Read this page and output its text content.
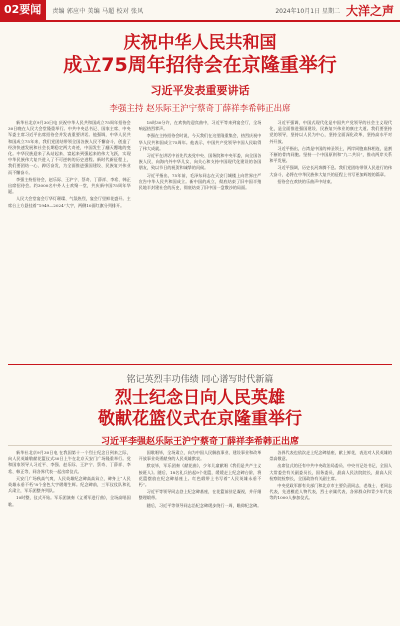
02要闻	责编 郭应中 美编 马超 校对 张风	2024年10月1日 星期二 大洋之声
庆祝中华人民共和国
成立75周年招待会在京隆重举行
习近平发表重要讲话
李强主持 赵乐际王沪宁蔡奇丁薛祥李希韩正出席

新华社北京9月30日电 庆祝中华人民共和国成立75周年招待会30日晚在人民大会堂隆重举行。中共中央总书记、国家主席、中央军委主席习近平出席招待会并发表重要讲话。他强调，中华人民共和国成立75年来，我们党团结带领全国各族人民不懈奋斗，创造了经济快速发展和社会长期稳定两大奇迹，中国发生了翻天覆地的变化。中华民族迎来了从站起来、富起来到强起来的伟大飞跃，实现中华民族伟大复兴进入了不可逆转的历史进程。新时代新征程上，我们要团结一心、踔厉奋发，为全面推进强国建设、民族复兴伟业而不懈奋斗。

李强主持招待会，赵乐际、王沪宁、蔡奇、丁薛祥、李希、韩正出席招待会。约3000名中外人士欢聚一堂，共庆新中国75周年华诞。

人民大会堂宴会厅华灯璀璨、气氛热烈，宴会厅里鲜花盛开。主席台上方悬挂着“1949—2024”大字，两侧10面红旗分列排开。

18时30分许，在欢快的迎宾曲中，习近平等来到宴会厅，全场响起热烈掌声。

李强在主持招待会时说，今天我们在这里隆重集会，热烈庆祝中华人民共和国成立75周年。他表示，中国共产党领导中国人民取得了伟大成就。

习近平在讲话中首先代表党中央、国务院和中央军委，向全国各族人民，向海内外中华儿女，向关心和支持中国现代化建设的各国朋友，致以节日的祝贺和诚挚的问候。

习近平指出，75年前，毛泽东同志在天安门城楼上向世界庄严宣告中华人民共和国成立。新中国的成立，彻底结束了旧中国半殖民地半封建社会的历史，彻底结束了旧中国一盘散沙的局面。

习近平强调，中国式现代化是中国共产党领导的社会主义现代化，是全面推进强国建设、民族复兴伟业的康庄大道。我们要坚持党的领导，坚持以人民为中心，坚持全面深化改革，坚持高水平对外开放。

习近平指出，台湾是中国的神圣领土，两岸同胞血脉相连，是割不断的骨肉同胞。坚持一个中国原则和“九二共识”，推动两岸关系和平发展。

习近平强调，历史长河奔腾不息。我们党团结带领人民进行的伟大奋斗，必将在中华民族伟大复兴的征程上书写更加辉煌的篇章。

招待会在欢快的乐曲声中结束。

铭记英烈丰功伟绩 同心谱写时代新篇
烈士纪念日向人民英雄
敬献花篮仪式在京隆重举行
习近平李强赵乐际王沪宁蔡奇丁薛祥李希韩正出席

新华社北京9月30日电 在我国第十一个烈士纪念日到来之际，向人民英雄敬献花篮仪式30日上午在北京天安门广场隆重举行。党和国家领导人习近平、李强、赵乐际、王沪宁、蔡奇、丁薛祥、李希、韩正等，同各界代表一起出席仪式。

天安门广场秋高气爽，人民英雄纪念碑高高耸立，碑身上“人民英雄永垂不朽”8个金色大字熠熠生辉。纪念碑前，三军仪仗队和礼兵肃立，军乐团整齐列队。

10时整，仪式开始。军乐团演奏《义勇军进行曲》，全场高唱国歌。

国歌唱毕，全场肃立，向为中国人民解放事业、建设事业和改革开放事业英勇献身的人民英雄默哀。

默哀毕，军乐团奏《献花曲》，少年儿童献唱《我们是共产主义接班人》。随后，18名礼兵抬起9个花篮，缓缓走上纪念碑台阶，将花篮摆放在纪念碑基座上。红色缎带上书写着“人民英雄永垂不朽”。

习近平等领导同志登上纪念碑基座，在花篮前驻足凝视，并仔细整理缎带。

随后，习近平等领导同志沿纪念碑缓步绕行一周，瞻仰纪念碑。

各界代表也依次走上纪念碑基座，献上鲜花，表达对人民英雄的崇高敬意。

出席仪式的还有中共中央政治局委员、中央书记处书记，全国人大常委会有关副委员长，国务委员，最高人民法院院长，最高人民检察院检察长，全国政协有关副主席。

中央党政军群有关部门和北京市主要负责同志，老战士、老同志代表，先进模范人物代表，烈士亲属代表，各界群众和青少年代表等约1000人参加仪式。
